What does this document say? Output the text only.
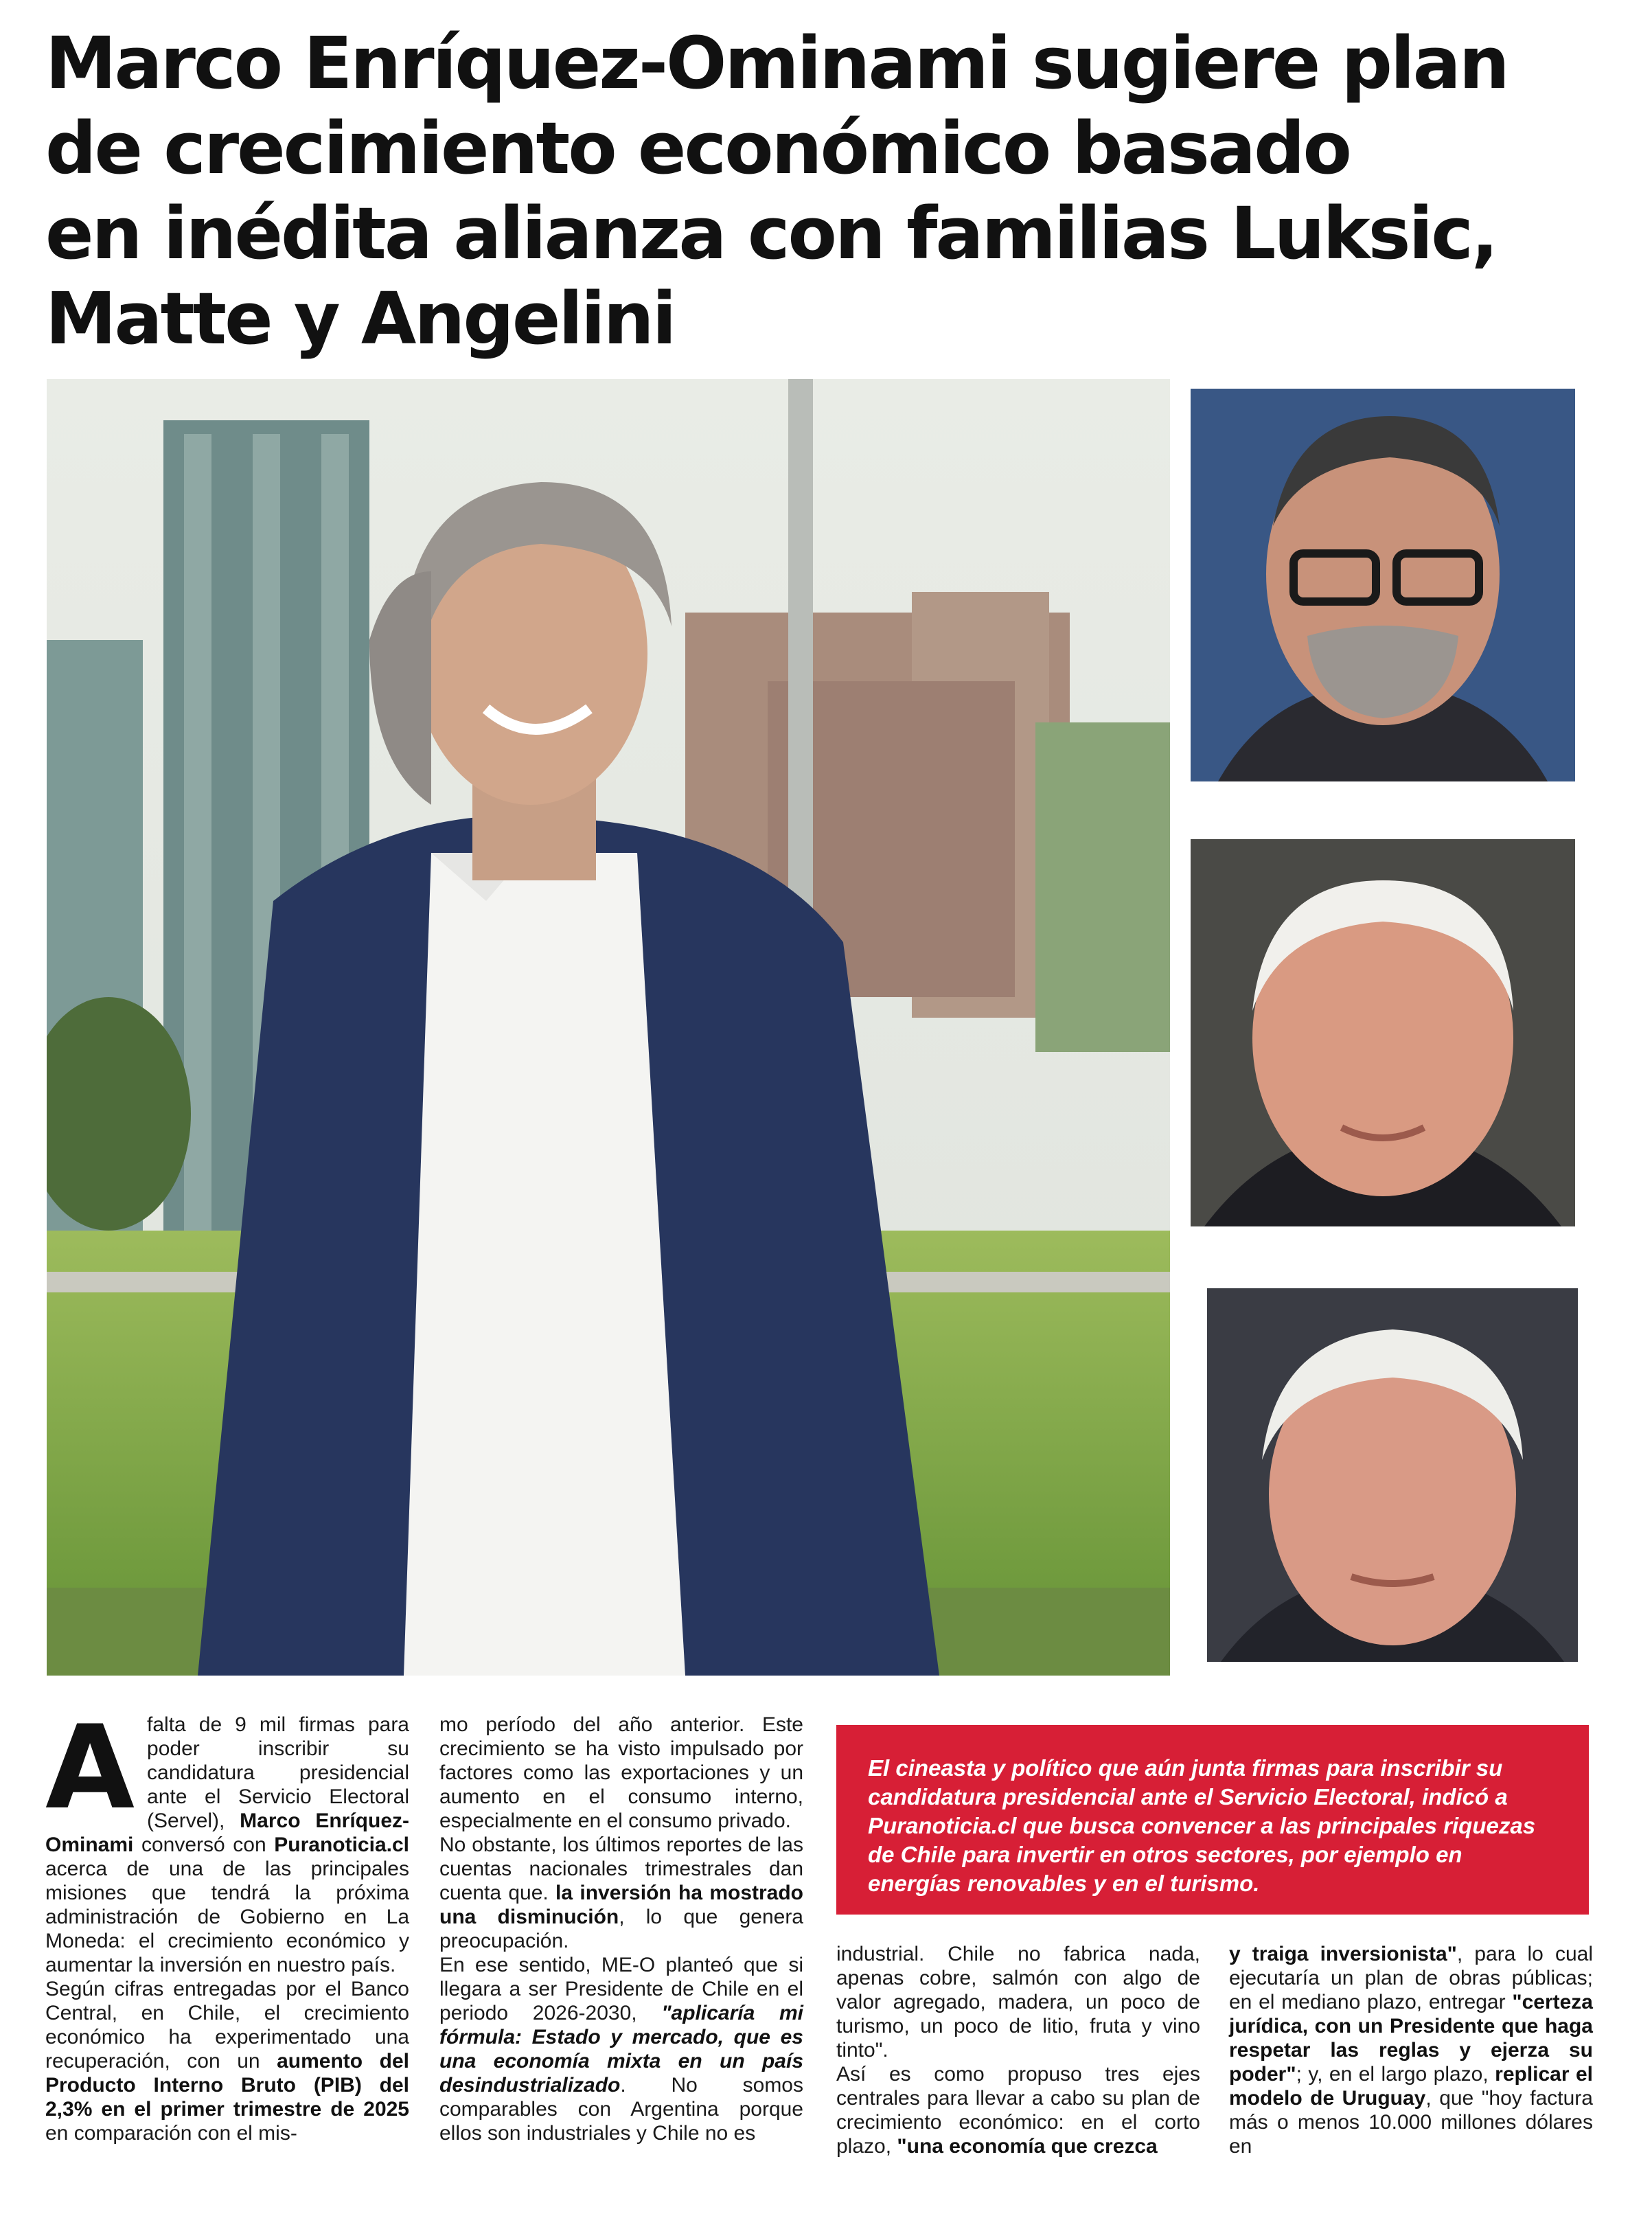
Marco Enríquez-Ominami sugiere plan
de crecimiento económico basado
en inédita alianza con familias Luksic,
Matte y Angelini
A falta de 9 mil firmas para poder inscribir su candidatura presidencial ante el Servicio Electoral (Servel), Marco Enríquez-Ominami conversó con Puranoticia.cl acerca de una de las principales misiones que tendrá la próxima administración de Gobierno en La Moneda: el crecimiento económico y aumentar la inversión en nuestro país.

Según cifras entregadas por el Banco Central, en Chile, el crecimiento económico ha experimentado una recuperación, con un aumento del Producto Interno Bruto (PIB) del 2,3% en el primer trimestre de 2025 en comparación con el mis-

mo período del año anterior. Este crecimiento se ha visto impulsado por factores como las exportaciones y un aumento en el consumo interno, especialmente en el consumo privado.

No obstante, los últimos reportes de las cuentas nacionales trimestrales dan cuenta que. la inversión ha mostrado una disminución, lo que genera preocupación.

En ese sentido, ME-O planteó que si llegara a ser Presidente de Chile en el periodo 2026-2030, "aplicaría mi fórmula: Estado y mercado, que es una economía mixta en un país desindustrializado. No somos comparables con Argentina porque ellos son industriales y Chile no es

El cineasta y político que aún junta firmas para inscribir su candidatura presidencial ante el Servicio Electoral, indicó a Puranoticia.cl que busca convencer a las principales riquezas de Chile para invertir en otros sectores, por ejemplo en energías renovables y en el turismo.

industrial. Chile no fabrica nada, apenas cobre, salmón con algo de valor agregado, madera, un poco de turismo, un poco de litio, fruta y vino tinto".

Así es como propuso tres ejes centrales para llevar a cabo su plan de crecimiento económico: en el corto plazo, "una economía que crezca

y traiga inversionista", para lo cual ejecutaría un plan de obras públicas; en el mediano plazo, entregar "certeza jurídica, con un Presidente que haga respetar las reglas y ejerza su poder"; y, en el largo plazo, replicar el modelo de Uruguay, que "hoy factura más o menos 10.000 millones dólares en
